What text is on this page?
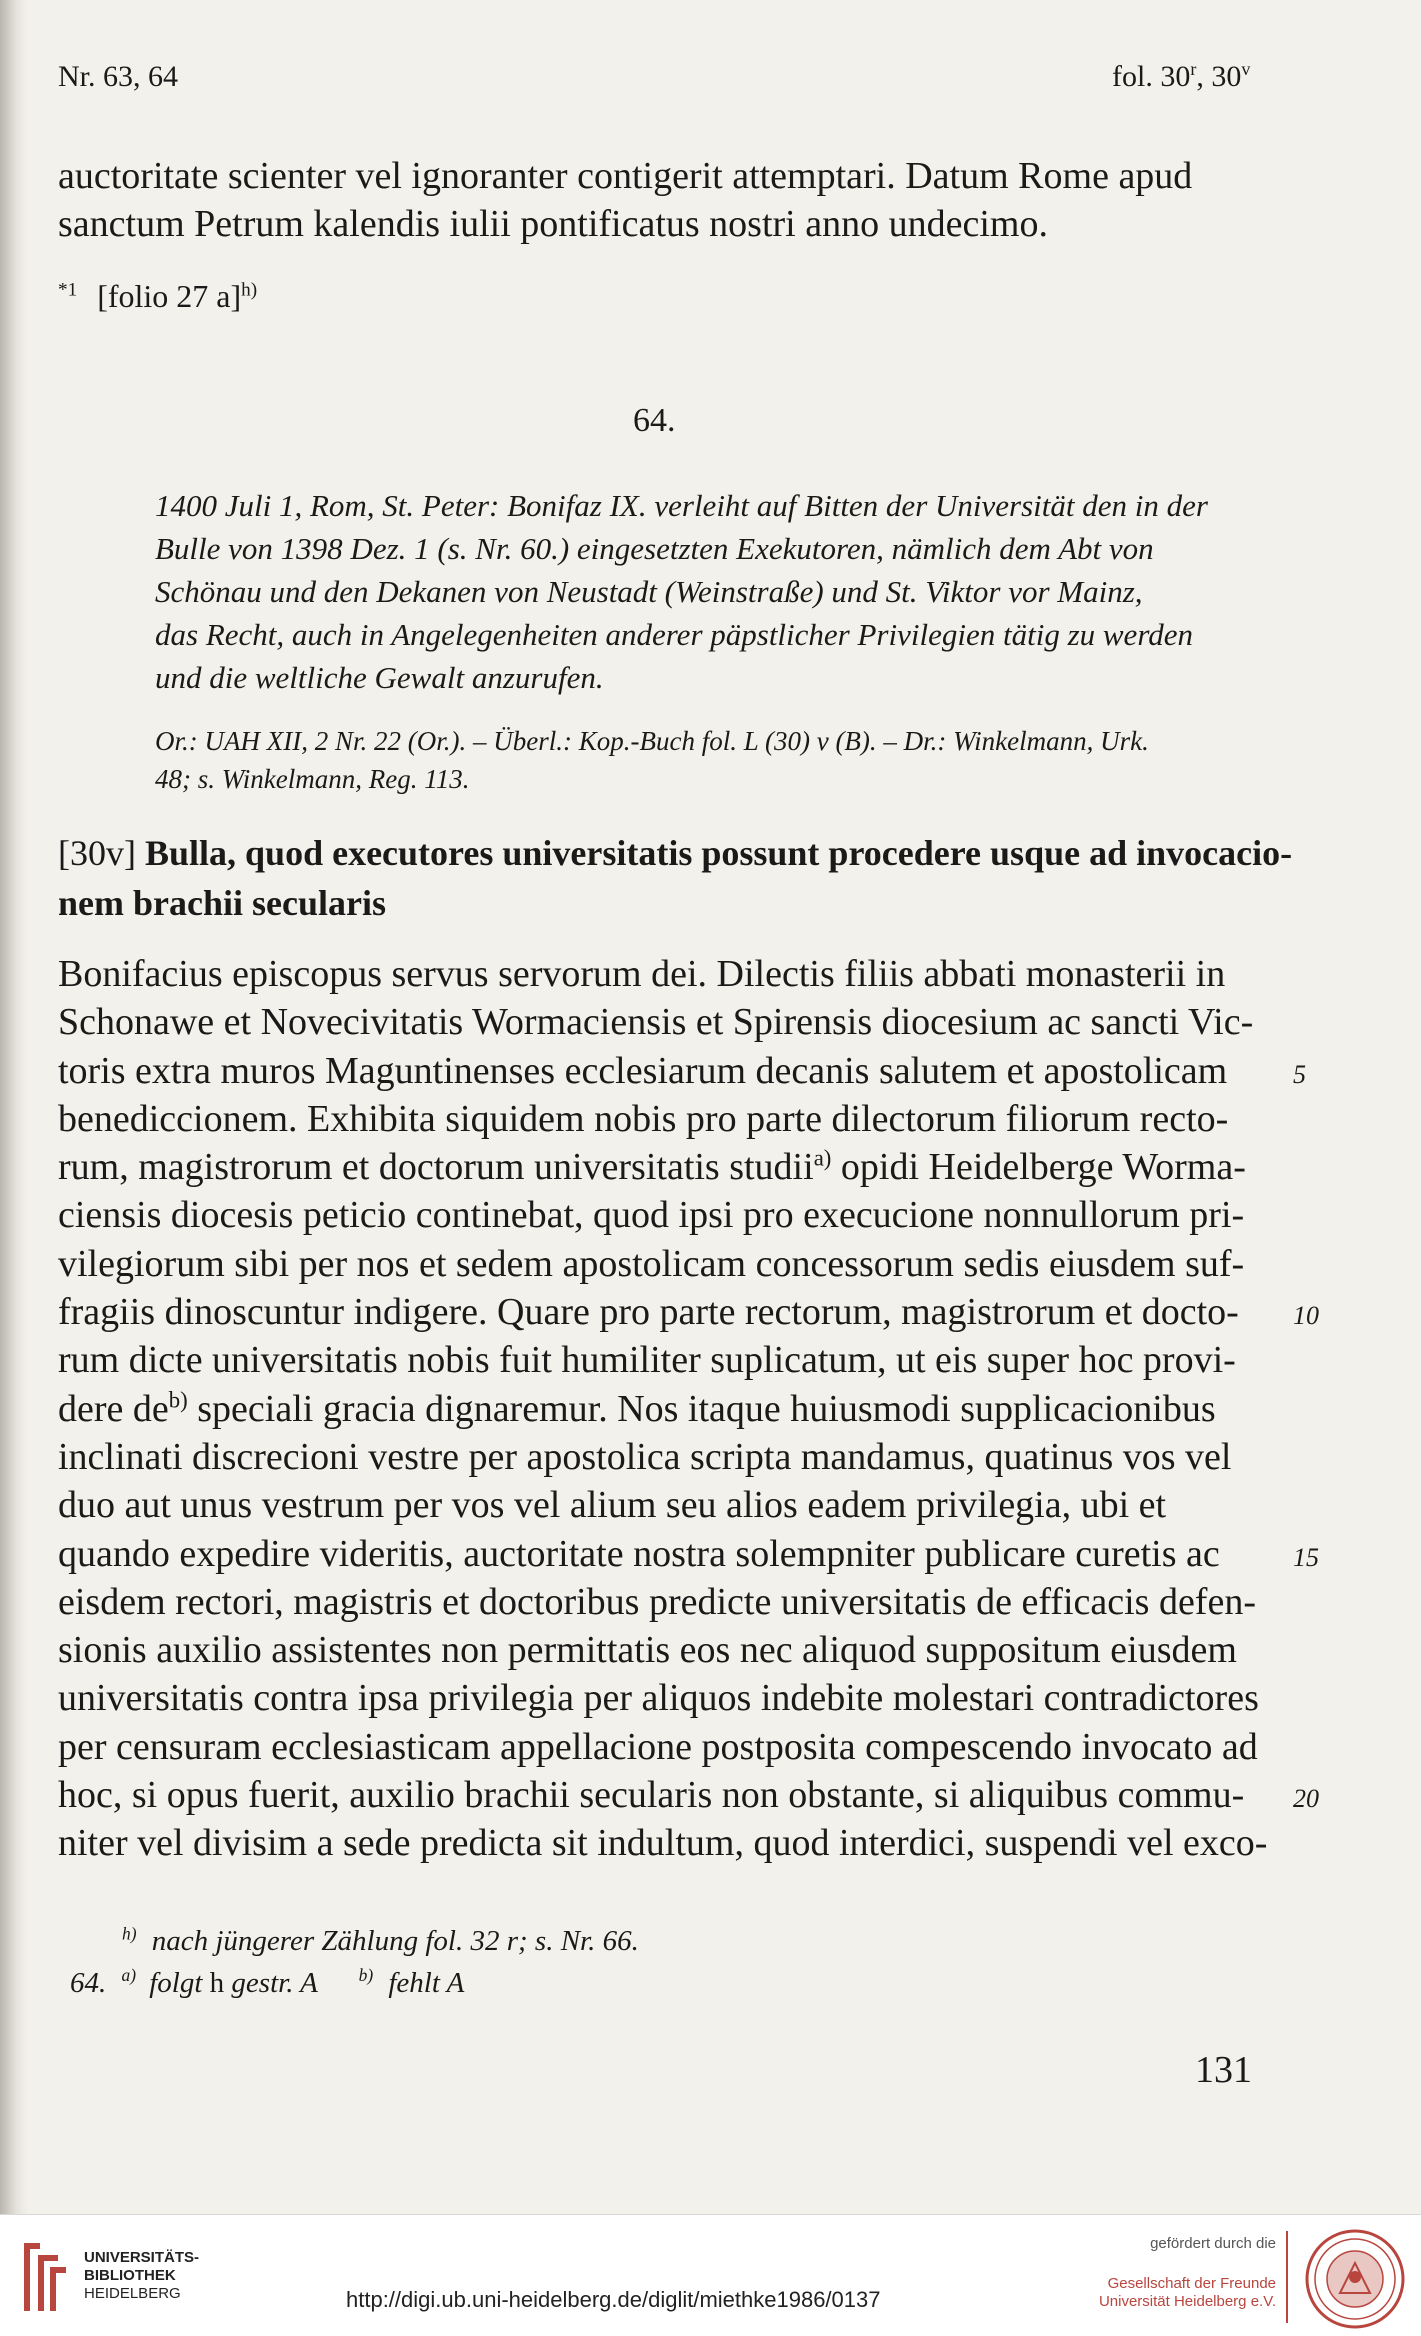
Nr. 63, 64	fol. 30$^r$, 30$^v$
auctoritate scienter vel ignoranter contigerit attemptari. Datum Rome apud
sanctum Petrum kalendis iulii pontificatus nostri anno undecimo.
$^{*1}$ [folio 27 a]$^{h)}$
64.
1400 Juli 1, Rom, St. Peter: Bonifaz IX. verleiht auf Bitten der Universität den in der
Bulle von 1398 Dez. 1 (s. Nr. 60.) eingesetzten Exekutoren, nämlich dem Abt von
Schönau und den Dekanen von Neustadt (Weinstraße) und St. Viktor vor Mainz,
das Recht, auch in Angelegenheiten anderer päpstlicher Privilegien tätig zu werden
und die weltliche Gewalt anzurufen.
Or.: UAH XII, 2 Nr. 22 (Or.). – Überl.: Kop.-Buch fol. L (30) v (B). – Dr.: Winkelmann, Urk.
48; s. Winkelmann, Reg. 113.
[30v] Bulla, quod executores universitatis possunt procedere usque ad invocacio-
nem brachii secularis
Bonifacius episcopus servus servorum dei. Dilectis filiis abbati monasterii in
Schonawe et Novecivitatis Wormaciensis et Spirensis diocesium ac sancti Vic-
toris extra muros Maguntinenses ecclesiarum decanis salutem et apostolicam	5
benediccionem. Exhibita siquidem nobis pro parte dilectorum filiorum recto-
rum, magistrorum et doctorum universitatis studii$^{a)}$ opidi Heidelberge Worma-
ciensis diocesis peticio continebat, quod ipsi pro execucione nonnullorum pri-
vilegiorum sibi per nos et sedem apostolicam concessorum sedis eiusdem suf-
fragiis dinoscuntur indigere. Quare pro parte rectorum, magistrorum et docto- 10
rum dicte universitatis nobis fuit humiliter suplicatum, ut eis super hoc provi-
dere $de^{b)}$ speciali gracia dignaremur. Nos itaque huiusmodi supplicacionibus
inclinati discrecioni vestre per apostolica scripta mandamus, quatinus vos vel
duo aut unus vestrum per vos vel alium seu alios eadem privilegia, ubi et
quando expedire videritis, auctoritate nostra solempniter publicare curetis ac	15
eisdem rectori, magistris et doctoribus predicte universitatis de efficacis defen-
sionis auxilio assistentes non permittatis eos nec aliquod suppositum eiusdem
universitatis contra ipsa privilegia per aliquos indebite molestari contradictores
per censuram ecclesiasticam appellacione postposita compescendo invocato ad
hoc, si opus fuerit, auxilio brachii secularis non obstante, si aliquibus commu- 20
niter vel divisim a sede predicta sit indultum, quod interdici, suspendi vel exco-
$^{h)}$ nach jüngerer Zählung fol. 32 r; s. Nr. 66.
64. $^{a)}$ folgt h gestr. A $^{b)}$ fehlt A
131
UNIVERSITÄTS-
BIBLIOTHEK
HEIDELBERG	http://digi.ub.uni-heidelberg.de/diglit/miethke1986/0137
gefördert durch die
Gesellschaft der Freunde
Universität Heidelberg e.V.
